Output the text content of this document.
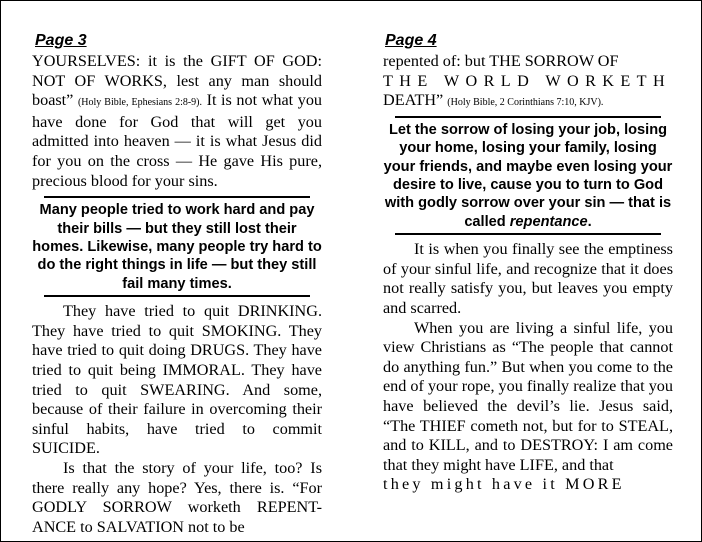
Page 3	Page 4

YOURSELVES: it is the GIFT OF GOD: NOT OF WORKS, lest any man should boast” (Holy Bible, Ephesians 2:8-9). It is not what you have done for God that will get you admitted into heaven — it is what Jesus did for you on the cross — He gave His pure, precious blood for your sins.

Many people tried to work hard and pay their bills — but they still lost their homes. Likewise, many people try hard to do the right things in life — but they still fail many times.

They have tried to quit DRINKING. They have tried to quit SMOKING. They have tried to quit doing DRUGS. They have tried to quit being IMMORAL. They have tried to quit SWEARING. And some, because of their failure in overcoming their sinful habits, have tried to commit SUICIDE.

Is that the story of your life, too? Is there really any hope? Yes, there is. “For GODLY SORROW worketh REPENT-ANCE to SALVATION not to be

repented of: but THE SORROW OF

THE WORLD WORKETH

DEATH” (Holy Bible, 2 Corinthians 7:10, KJV).

Let the sorrow of losing your job, losing your home, losing your family, losing your friends, and maybe even losing your desire to live, cause you to turn to God with godly sorrow over your sin — that is called repentance.

It is when you finally see the emptiness of your sinful life, and recognize that it does not really satisfy you, but leaves you empty and scarred.

When you are living a sinful life, you view Christians as “The people that cannot do anything fun.” But when you come to the end of your rope, you finally realize that you have believed the devil’s lie. Jesus said, “The THIEF cometh not, but for to STEAL, and to KILL, and to DESTROY: I am come that they might have LIFE, and that

they might have it MORE
